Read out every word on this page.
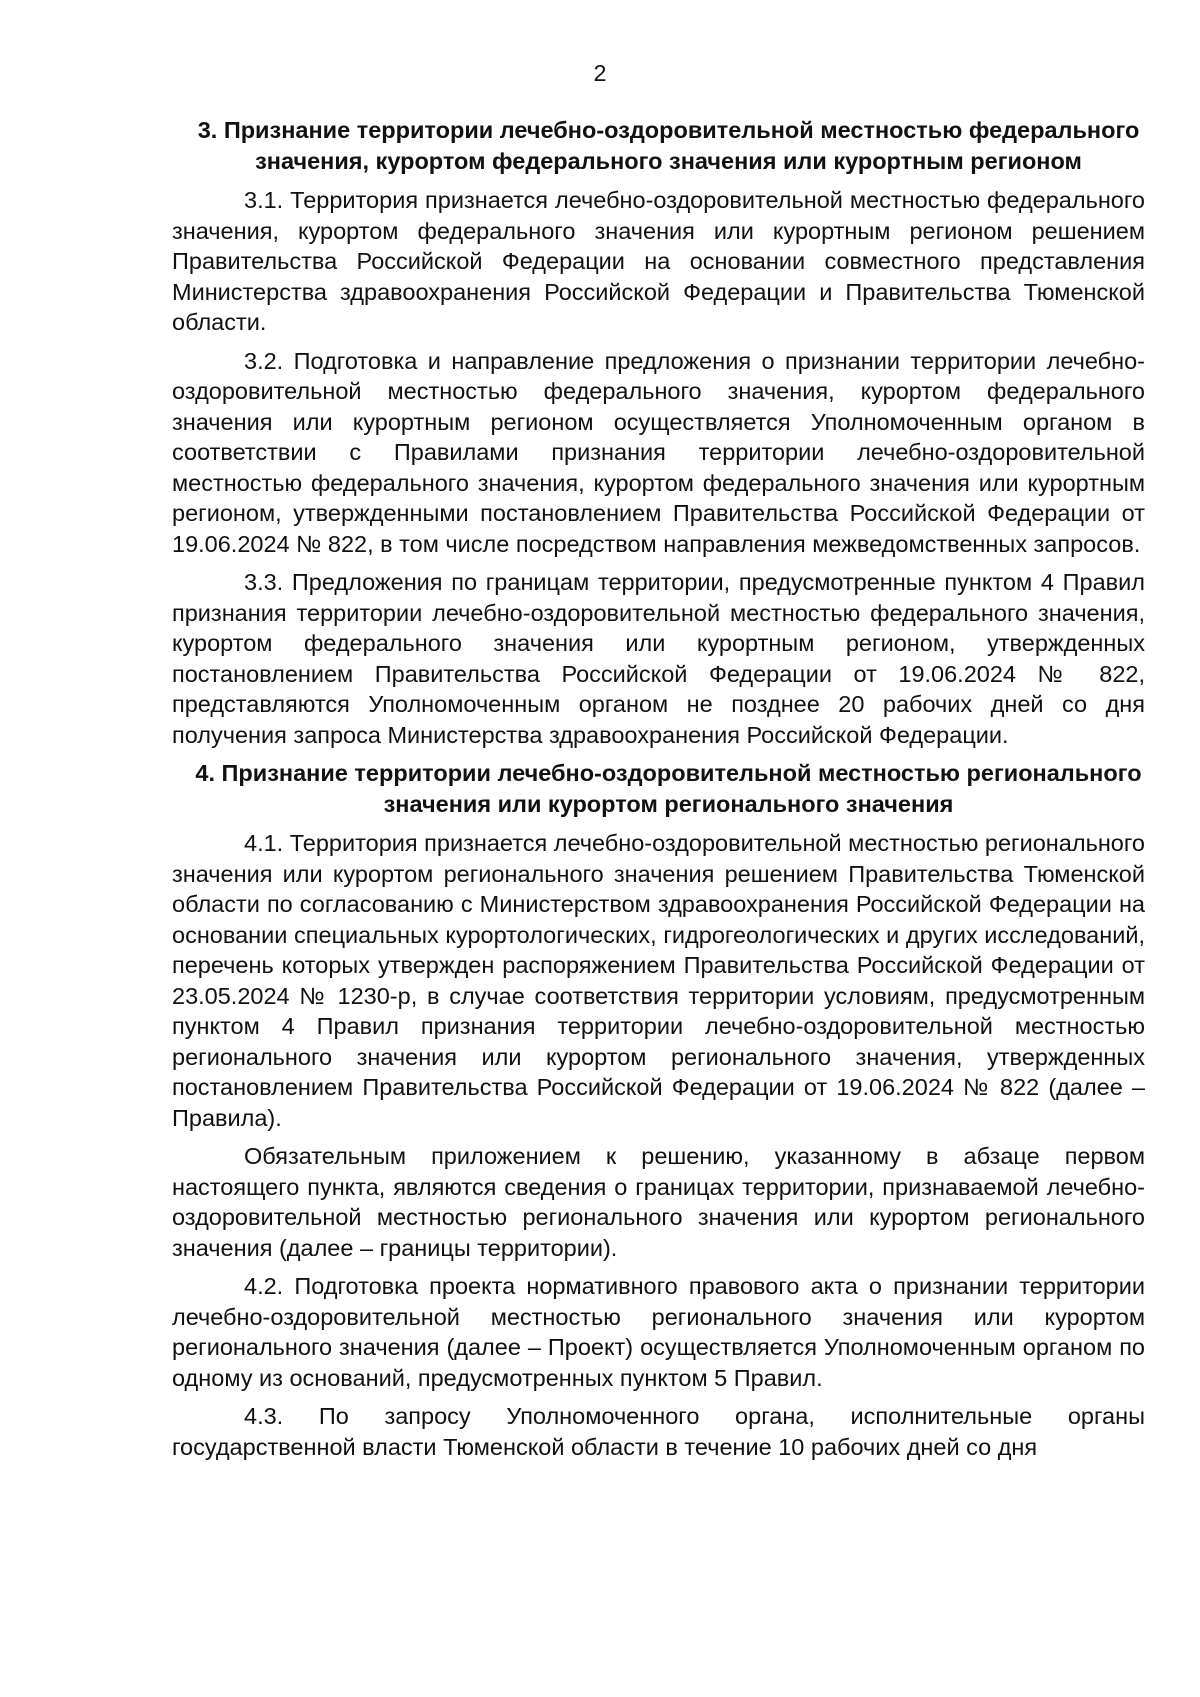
2
3. Признание территории лечебно-оздоровительной местностью федерального значения, курортом федерального значения или курортным регионом

3.1. Территория признается лечебно-оздоровительной местностью федерального значения, курортом федерального значения или курортным регионом решением Правительства Российской Федерации на основании совместного представления Министерства здравоохранения Российской Федерации и Правительства Тюменской области.

3.2. Подготовка и направление предложения о признании территории лечебно-оздоровительной местностью федерального значения, курортом федерального значения или курортным регионом осуществляется Уполномоченным органом в соответствии с Правилами признания территории лечебно-оздоровительной местностью федерального значения, курортом федерального значения или курортным регионом, утвержденными постановлением Правительства Российской Федерации от 19.06.2024 № 822, в том числе посредством направления межведомственных запросов.

3.3. Предложения по границам территории, предусмотренные пунктом 4 Правил признания территории лечебно-оздоровительной местностью федерального значения, курортом федерального значения или курортным регионом, утвержденных постановлением Правительства Российской Федерации от 19.06.2024 № 822, представляются Уполномоченным органом не позднее 20 рабочих дней со дня получения запроса Министерства здравоохранения Российской Федерации.

4. Признание территории лечебно-оздоровительной местностью регионального значения или курортом регионального значения

4.1. Территория признается лечебно-оздоровительной местностью регионального значения или курортом регионального значения решением Правительства Тюменской области по согласованию с Министерством здравоохранения Российской Федерации на основании специальных курортологических, гидрогеологических и других исследований, перечень которых утвержден распоряжением Правительства Российской Федерации от 23.05.2024 № 1230-р, в случае соответствия территории условиям, предусмотренным пунктом 4 Правил признания территории лечебно-оздоровительной местностью регионального значения или курортом регионального значения, утвержденных постановлением Правительства Российской Федерации от 19.06.2024 № 822 (далее – Правила).

Обязательным приложением к решению, указанному в абзаце первом настоящего пункта, являются сведения о границах территории, признаваемой лечебно-оздоровительной местностью регионального значения или курортом регионального значения (далее – границы территории).

4.2. Подготовка проекта нормативного правового акта о признании территории лечебно-оздоровительной местностью регионального значения или курортом регионального значения (далее – Проект) осуществляется Уполномоченным органом по одному из оснований, предусмотренных пунктом 5 Правил.

4.3. По запросу Уполномоченного органа, исполнительные органы государственной власти Тюменской области в течение 10 рабочих дней со дня
